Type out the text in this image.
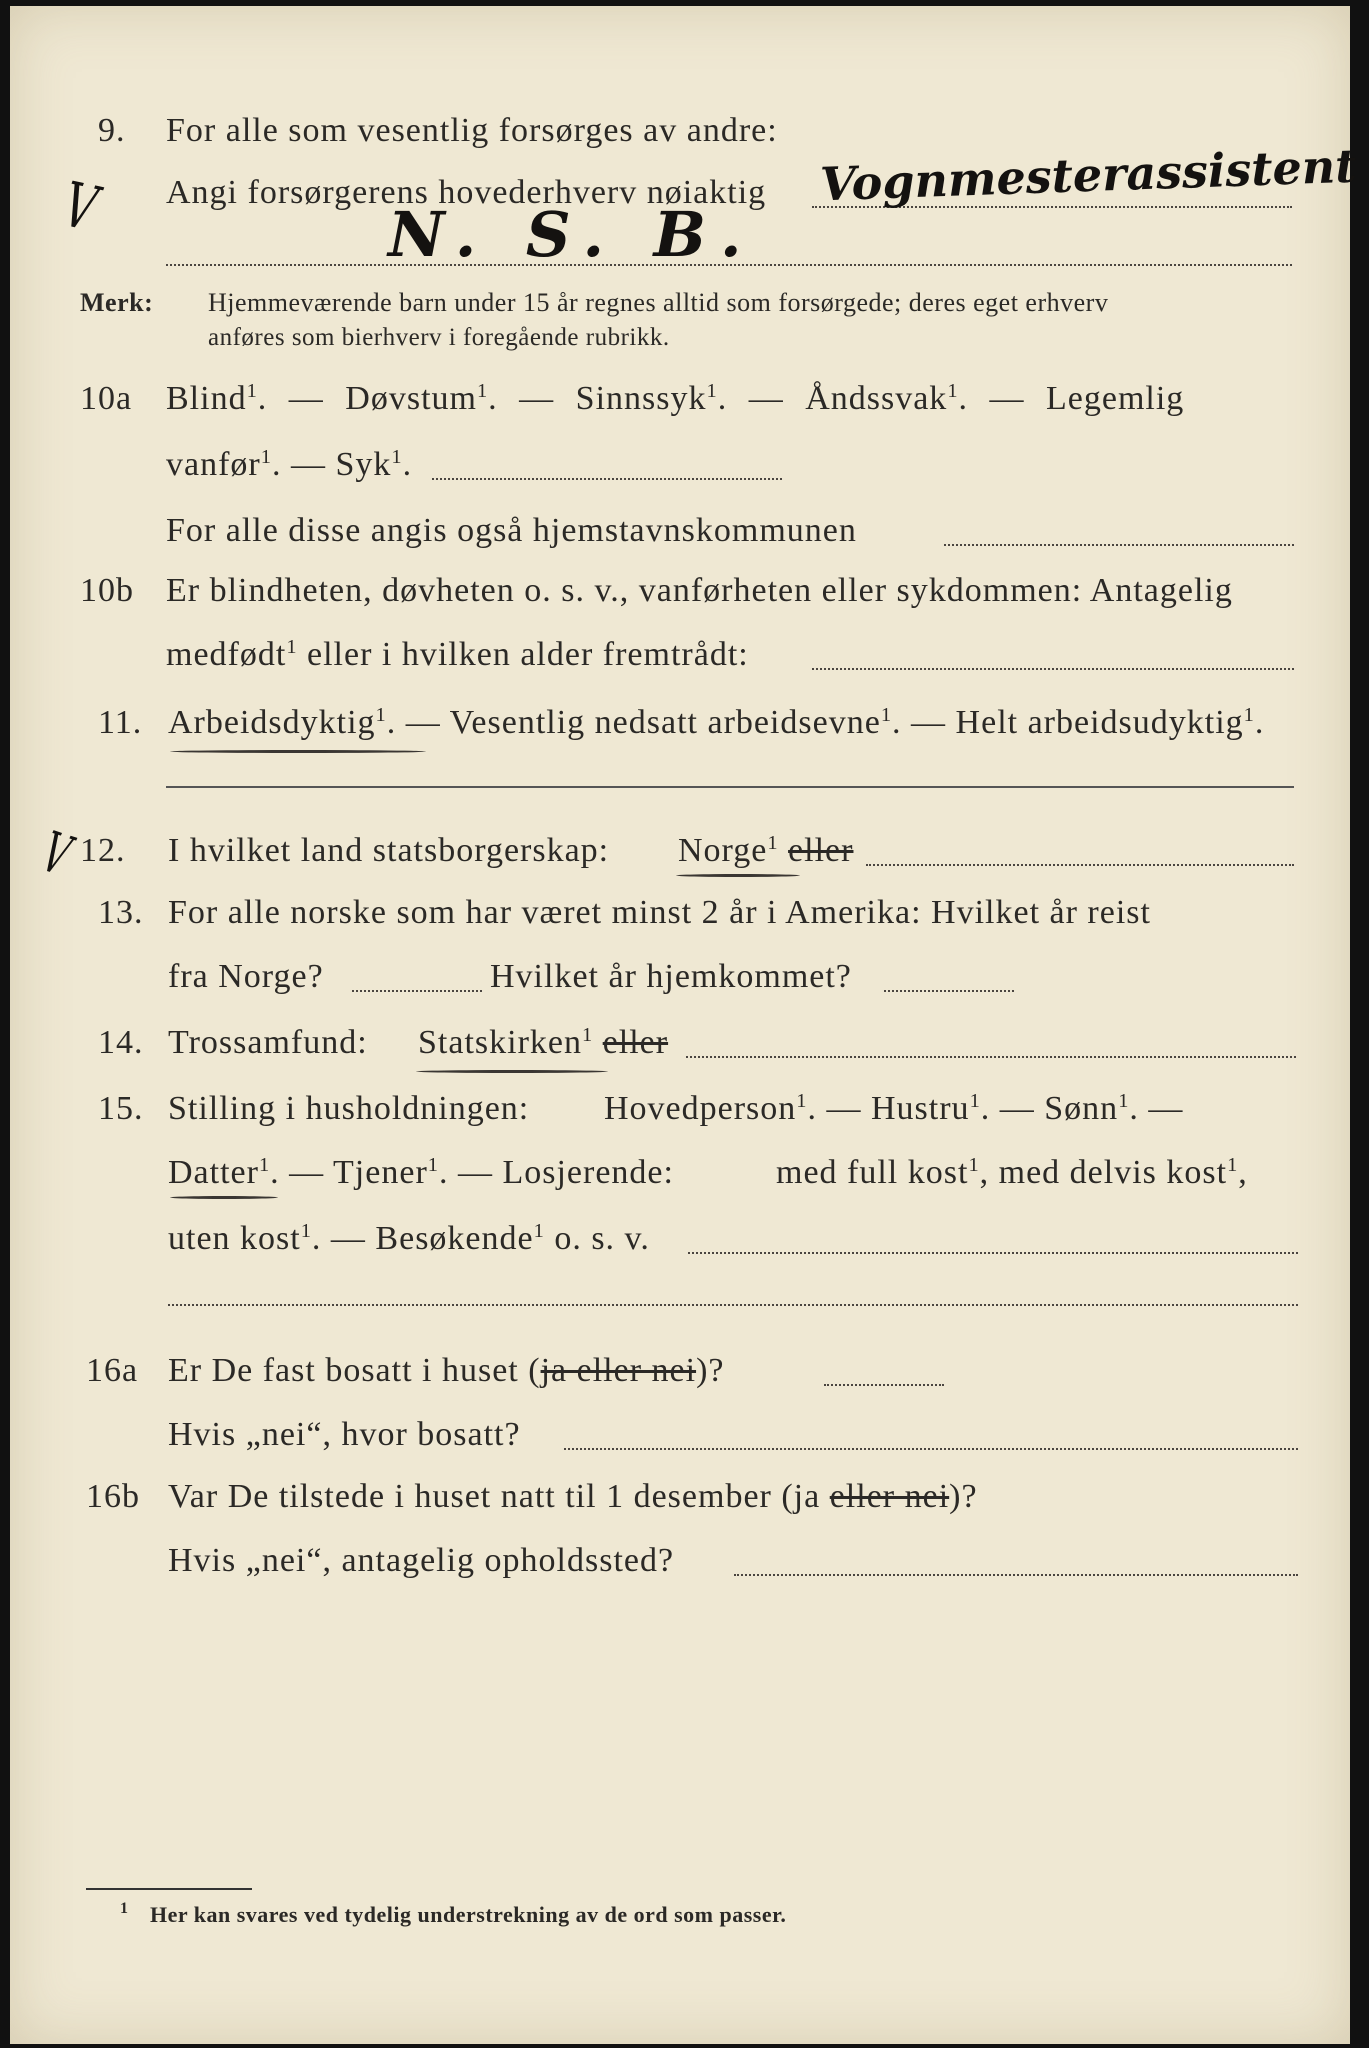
9. For alle som vesentlig forsørges av andre:
Angi forsørgerens hovederhverv nøiaktig Vognmesterassistent
V	N. S. B.
Merk: Hjemmeværende barn under 15 år regnes alltid som forsørgede; deres eget erhverv
anføres som bierhverv i foregående rubrikk.
10a Blind$^1$. — Døvstum$^1$. — Sinnssyk$^1$. — Åndssvak$^1$. — Legemlig
vanfør$^1$. — Syk$^1$.
For alle disse angis også hjemstavnskommunen
10b Er blindheten, døvheten o. s. v., vanførheten eller sykdommen: Antagelig
medfødt$^1$ eller i hvilken alder fremtrådt:
11. Arbeidsdyktig$^1$. — Vesentlig nedsatt arbeidsevne$^1$. — Helt arbeidsudyktig$^1$.
12. I hvilket land statsborgerskap: Norge$^1$ eller
V
13. For alle norske som har været minst 2 år i Amerika: Hvilket år reist
fra Norge?	Hvilket år hjemkommet?
14. Trossamfund: Statskirken$^1$ eller
15. Stilling i husholdningen: Hovedperson$^1$. — Hustru$^1$. — Sønn$^1$. —
Datter$^1$. — Tjener$^1$. — Losjerende:	med full kost$^1$, med delvis kost$^1$,
uten kost$^1$. — Besøkende$^1$ o. s. v.
16a Er De fast bosatt i huset (ja eller nei)?
Hvis „nei“, hvor bosatt?
16b Var De tilstede i huset natt til 1 desember (ja eller nei)?
Hvis „nei“, antagelig opholdssted?
1 Her kan svares ved tydelig understrekning av de ord som passer.
